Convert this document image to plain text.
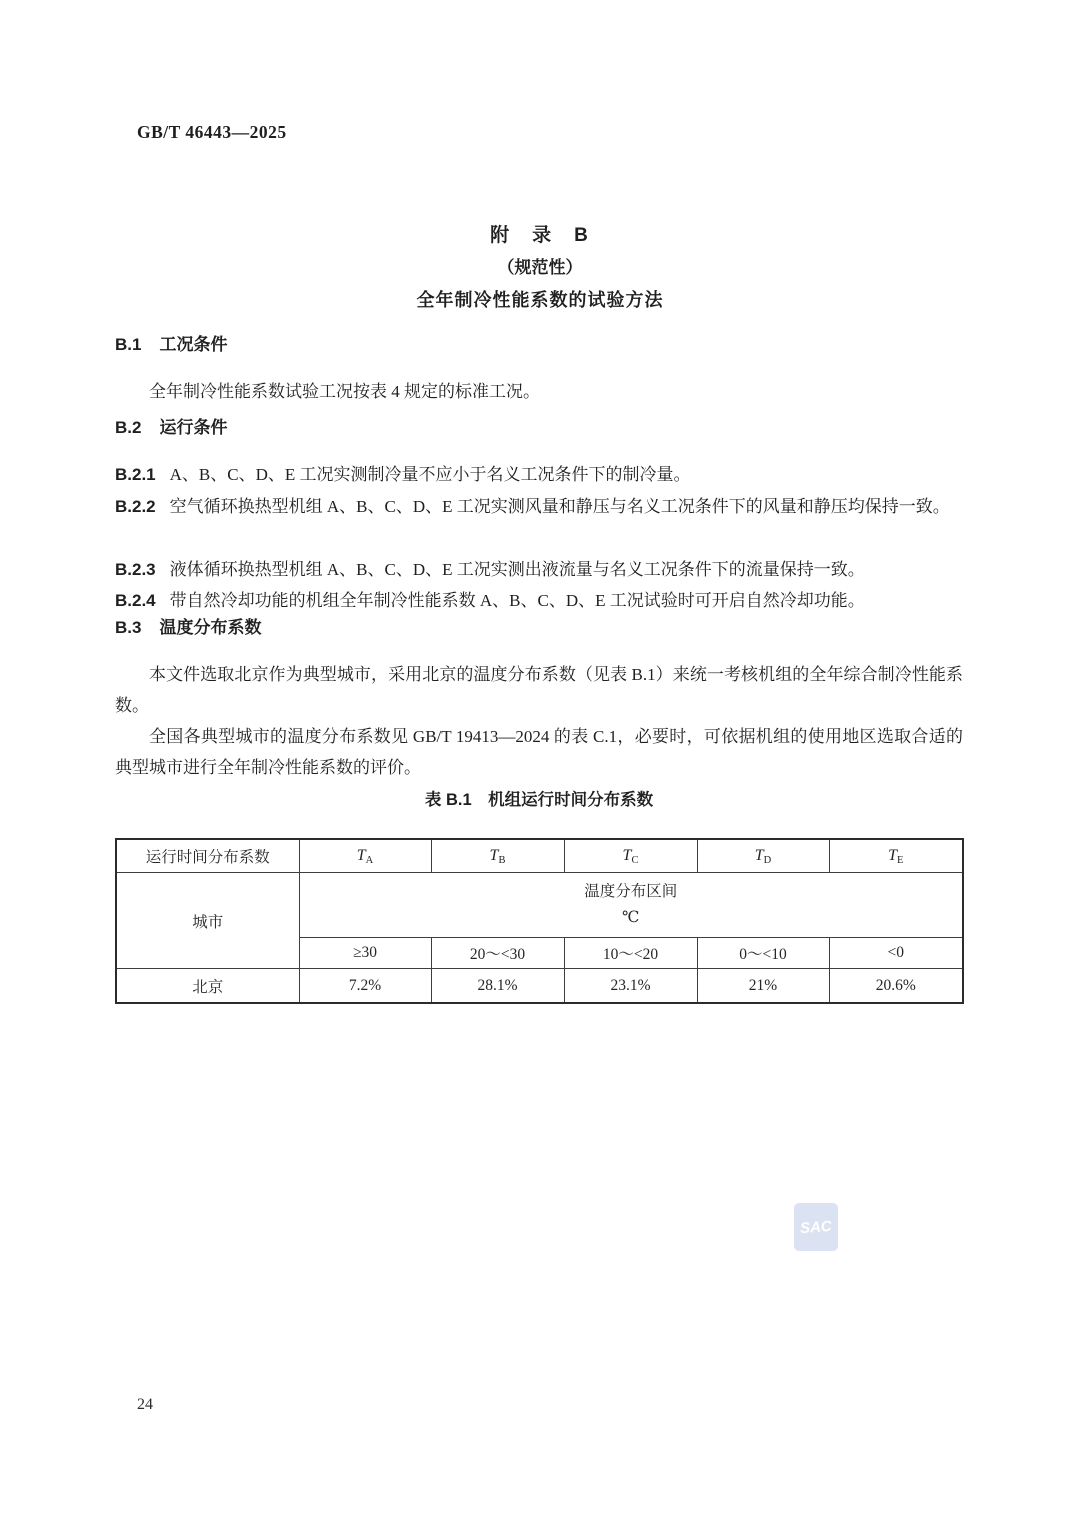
GB/T 46443—2025
附　录　B
（规范性）
全年制冷性能系数的试验方法
B.1 工况条件

全年制冷性能系数试验工况按表 4 规定的标准工况。

B.2 运行条件

B.2.1 A、B、C、D、E 工况实测制冷量不应小于名义工况条件下的制冷量。

B.2.2 空气循环换热型机组 A、B、C、D、E 工况实测风量和静压与名义工况条件下的风量和静压均保持一致。

B.2.3 液体循环换热型机组 A、B、C、D、E 工况实测出液流量与名义工况条件下的流量保持一致。

B.2.4 带自然冷却功能的机组全年制冷性能系数 A、B、C、D、E 工况试验时可开启自然冷却功能。

B.3 温度分布系数

本文件选取北京作为典型城市，采用北京的温度分布系数（见表 B.1）来统一考核机组的全年综合制冷性能系数。

全国各典型城市的温度分布系数见 GB/T 19413—2024 的表 C.1，必要时，可依据机组的使用地区选取合适的典型城市进行全年制冷性能系数的评价。

表 B.1　机组运行时间分布系数
运行时间分布系数	$T_A$	$T_B$	$T_C$	$T_D$	$T_E$
城市	温度分布区间
℃				

	≥30	20～<30	10～<20	0～<10	<0
北京	7.2%	28.1%	23.1%	21%	20.6%
SAC
24
